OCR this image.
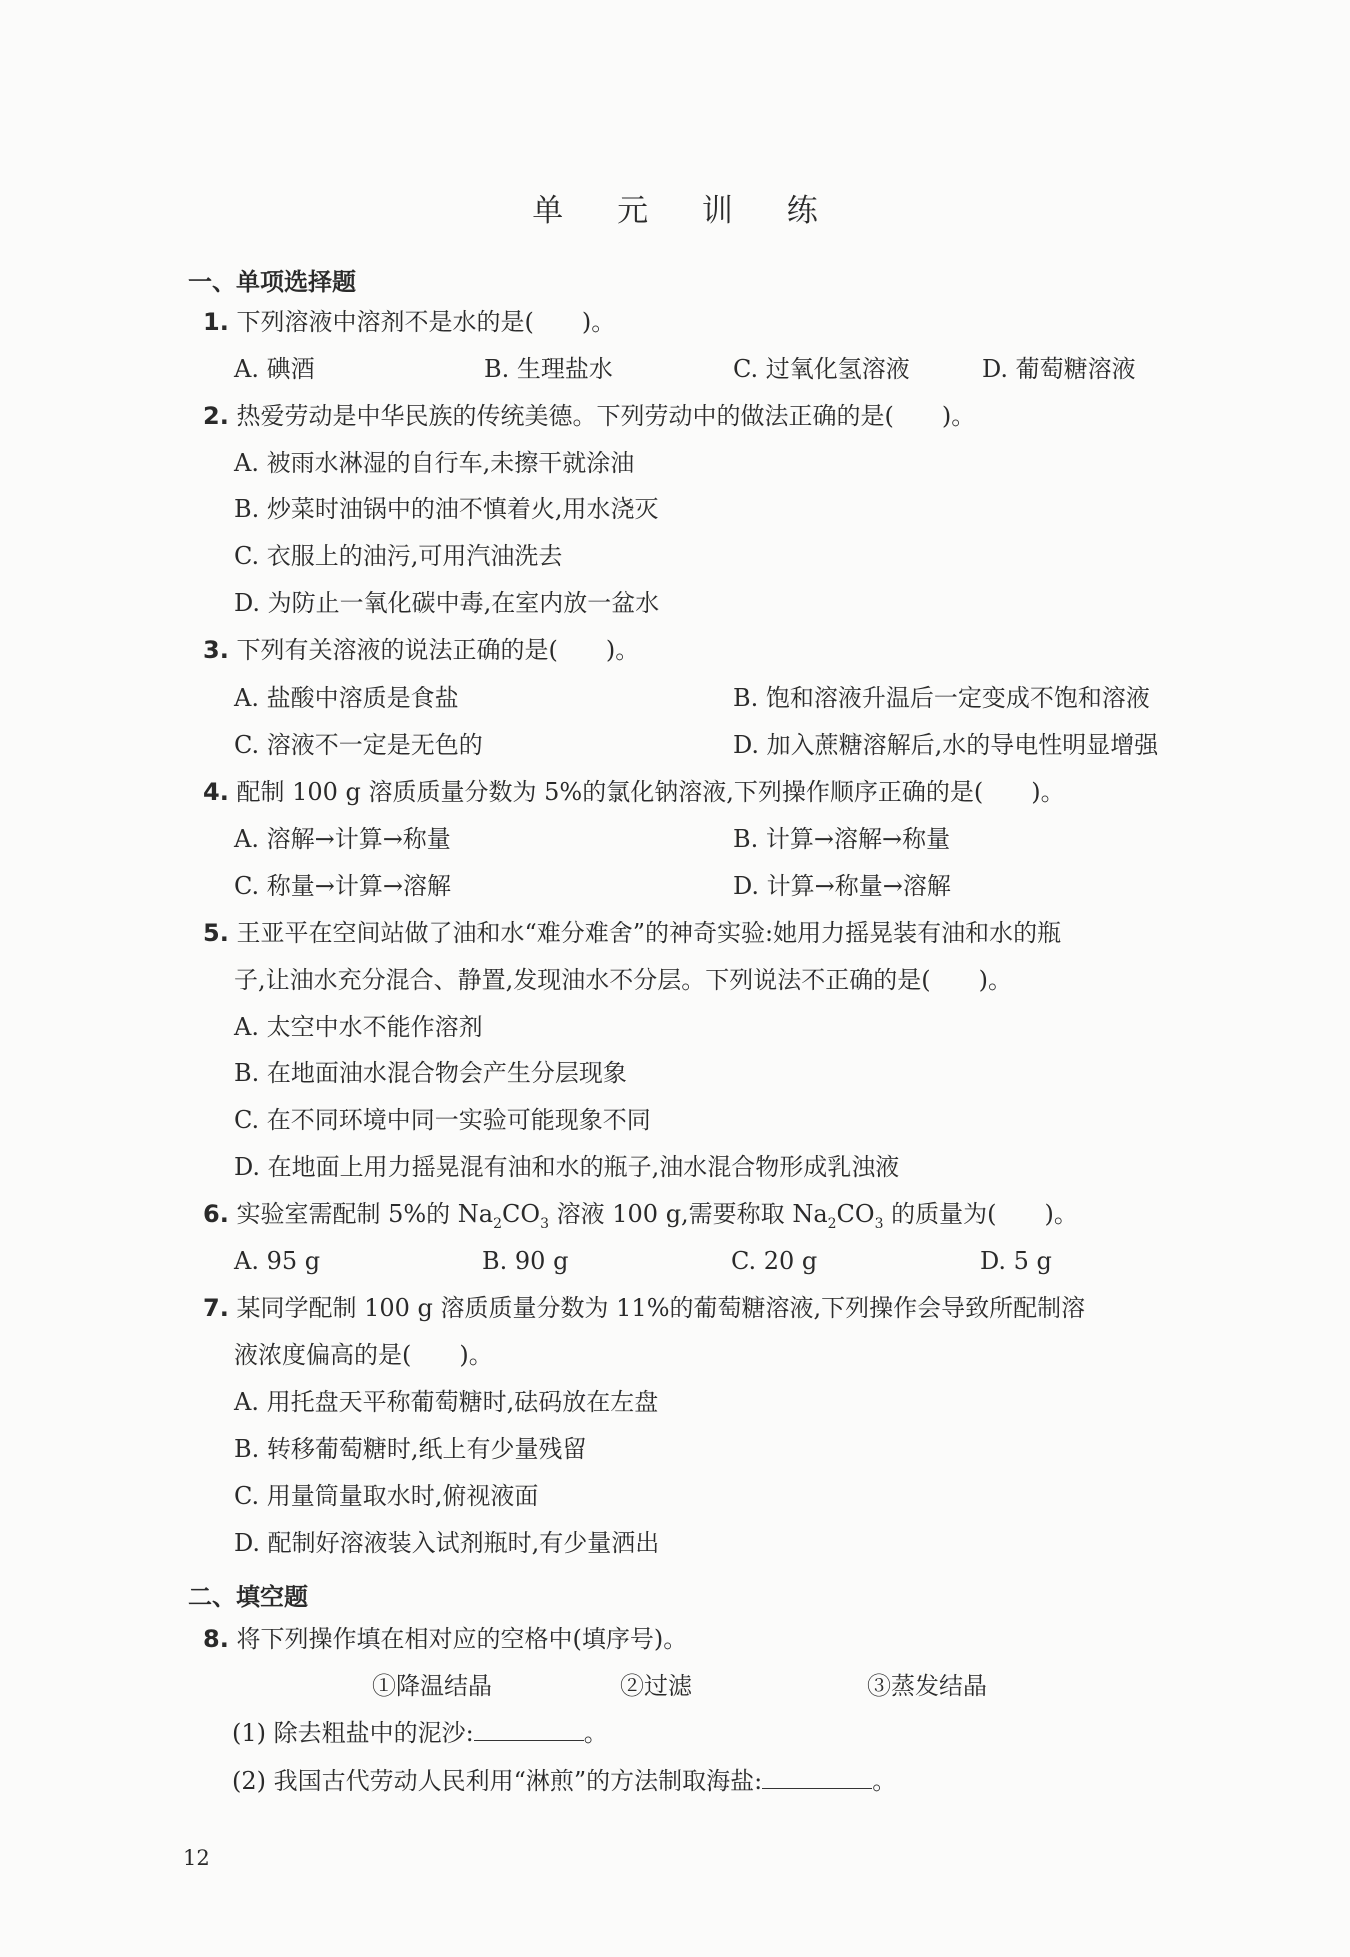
单 元 训 练
一、单项选择题
1. 下列溶液中溶剂不是水的是(　　)。
A. 碘酒	B. 生理盐水	C. 过氧化氢溶液	D. 葡萄糖溶液
2. 热爱劳动是中华民族的传统美德。下列劳动中的做法正确的是(　　)。
A. 被雨水淋湿的自行车,未擦干就涂油
B. 炒菜时油锅中的油不慎着火,用水浇灭
C. 衣服上的油污,可用汽油洗去
D. 为防止一氧化碳中毒,在室内放一盆水
3. 下列有关溶液的说法正确的是(　　)。
A. 盐酸中溶质是食盐	B. 饱和溶液升温后一定变成不饱和溶液
C. 溶液不一定是无色的	D. 加入蔗糖溶解后,水的导电性明显增强
4. 配制 100 g 溶质质量分数为 5%的氯化钠溶液,下列操作顺序正确的是(　　)。
A. 溶解→计算→称量	B. 计算→溶解→称量
C. 称量→计算→溶解	D. 计算→称量→溶解
5. 王亚平在空间站做了油和水“难分难舍”的神奇实验:她用力摇晃装有油和水的瓶
子,让油水充分混合、静置,发现油水不分层。下列说法不正确的是(　　)。
A. 太空中水不能作溶剂
B. 在地面油水混合物会产生分层现象
C. 在不同环境中同一实验可能现象不同
D. 在地面上用力摇晃混有油和水的瓶子,油水混合物形成乳浊液
6. 实验室需配制 5%的 $Na_2CO_3$ 溶液 100 g,需要称取 $Na_2CO_3$ 的质量为(　　)。
A. 95 g	B. 90 g	C. 20 g	D. 5 g
7. 某同学配制 100 g 溶质质量分数为 11%的葡萄糖溶液,下列操作会导致所配制溶
液浓度偏高的是(　　)。
A. 用托盘天平称葡萄糖时,砝码放在左盘
B. 转移葡萄糖时,纸上有少量残留
C. 用量筒量取水时,俯视液面
D. 配制好溶液装入试剂瓶时,有少量洒出
二、填空题
8. 将下列操作填在相对应的空格中(填序号)。
①降温结晶	②过滤	③蒸发结晶
(1) 除去粗盐中的泥沙:	。
(2) 我国古代劳动人民利用“淋煎”的方法制取海盐:	。
12
